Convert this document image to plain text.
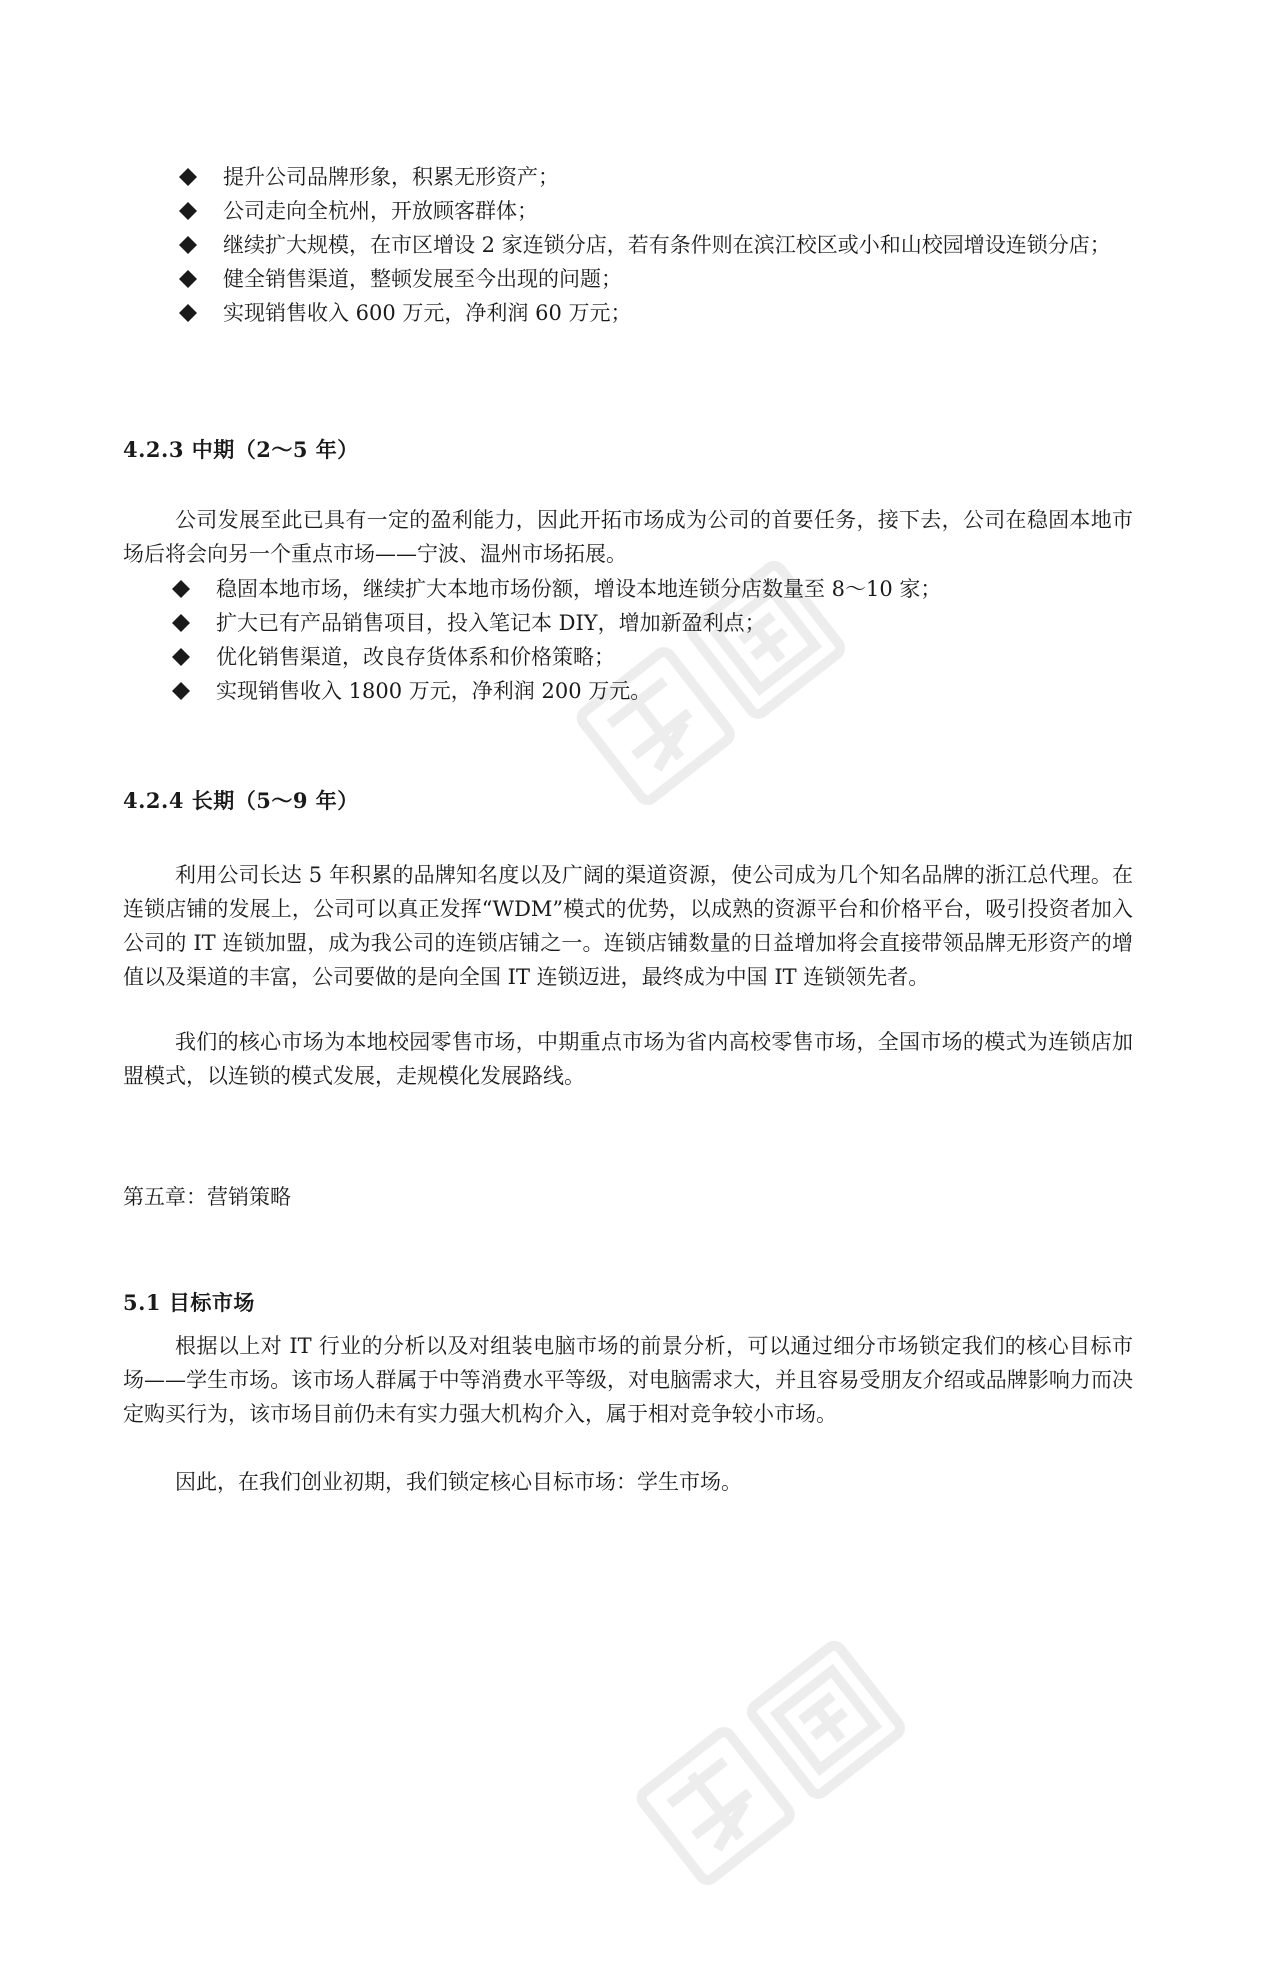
提升公司品牌形象，积累无形资产；
公司走向全杭州，开放顾客群体；
继续扩大规模，在市区增设 2 家连锁分店，若有条件则在滨江校区或小和山校园增设连锁分店；
健全销售渠道，整顿发展至今出现的问题；
实现销售收入 600 万元，净利润 60 万元；
4.2.3 中期（2～5 年）

公司发展至此已具有一定的盈利能力，因此开拓市场成为公司的首要任务，接下去，公司在稳固本地市场后将会向另一个重点市场——宁波、温州市场拓展。

稳固本地市场，继续扩大本地市场份额，增设本地连锁分店数量至 8～10 家；
扩大已有产品销售项目，投入笔记本 DIY，增加新盈利点；
优化销售渠道，改良存货体系和价格策略；
实现销售收入 1800 万元，净利润 200 万元。
4.2.4 长期（5～9 年）

利用公司长达 5 年积累的品牌知名度以及广阔的渠道资源，使公司成为几个知名品牌的浙江总代理。在连锁店铺的发展上，公司可以真正发挥“WDM”模式的优势，以成熟的资源平台和价格平台，吸引投资者加入公司的 IT 连锁加盟，成为我公司的连锁店铺之一。连锁店铺数量的日益增加将会直接带领品牌无形资产的增值以及渠道的丰富，公司要做的是向全国 IT 连锁迈进，最终成为中国 IT 连锁领先者。

我们的核心市场为本地校园零售市场，中期重点市场为省内高校零售市场，全国市场的模式为连锁店加盟模式，以连锁的模式发展，走规模化发展路线。

第五章：营销策略
5.1 目标市场

根据以上对 IT 行业的分析以及对组装电脑市场的前景分析，可以通过细分市场锁定我们的核心目标市场——学生市场。该市场人群属于中等消费水平等级，对电脑需求大，并且容易受朋友介绍或品牌影响力而决定购买行为，该市场目前仍未有实力强大机构介入，属于相对竞争较小市场。

因此，在我们创业初期，我们锁定核心目标市场：学生市场。
